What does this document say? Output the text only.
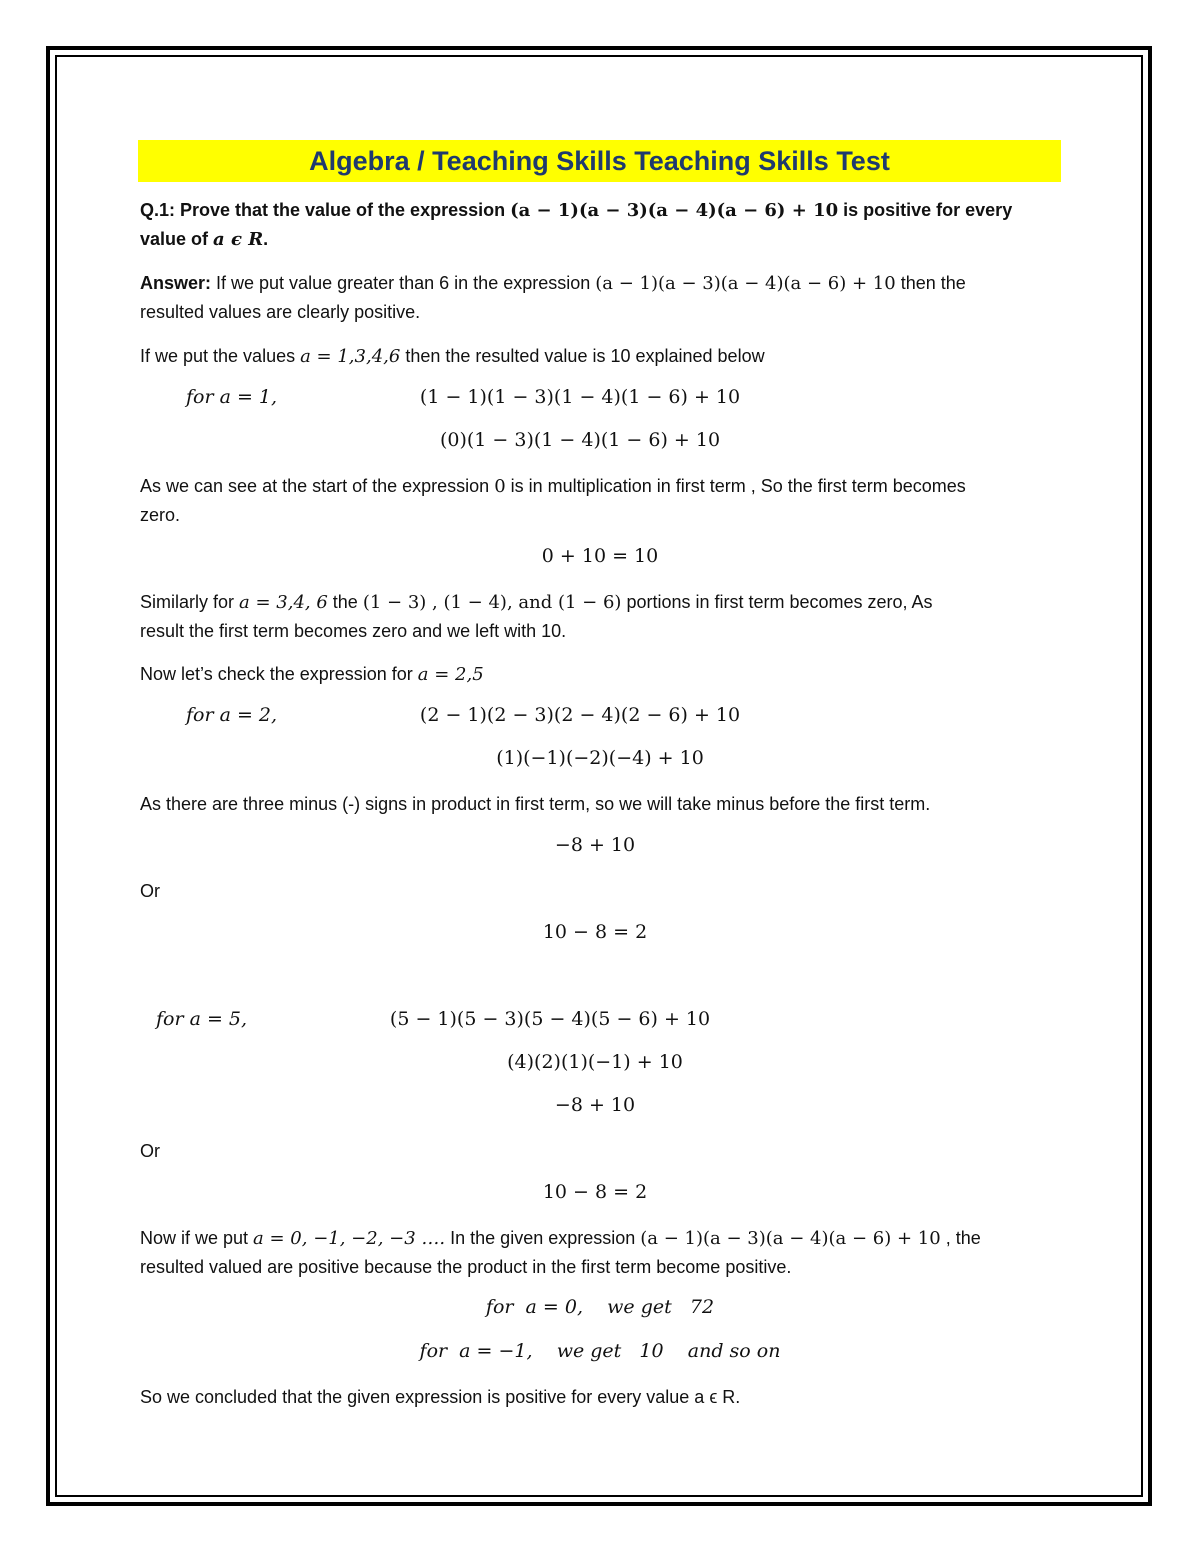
Algebra / Teaching Skills Teaching Skills Test
Q.1: Prove that the value of the expression (a − 1)(a − 3)(a − 4)(a − 6) + 10 is positive for every
value of a ϵ R.
Answer: If we put value greater than 6 in the expression (a − 1)(a − 3)(a − 4)(a − 6) + 10 then the
resulted values are clearly positive.
If we put the values a = 1,3,4,6 then the resulted value is 10 explained below
for a = 1,	(1 − 1)(1 − 3)(1 − 4)(1 − 6) + 10
(0)(1 − 3)(1 − 4)(1 − 6) + 10
As we can see at the start of the expression 0 is in multiplication in first term , So the first term becomes
zero.
0 + 10 = 10
Similarly for a = 3,4, 6 the (1 − 3) , (1 − 4), and (1 − 6) portions in first term becomes zero, As
result the first term becomes zero and we left with 10.
Now let’s check the expression for a = 2,5
for a = 2,	(2 − 1)(2 − 3)(2 − 4)(2 − 6) + 10
(1)(−1)(−2)(−4) + 10
As there are three minus (-) signs in product in first term, so we will take minus before the first term.
−8 + 10
Or
10 − 8 = 2
for a = 5,	(5 − 1)(5 − 3)(5 − 4)(5 − 6) + 10
(4)(2)(1)(−1) + 10
−8 + 10
Or
10 − 8 = 2
Now if we put a = 0, −1, −2, −3 …. In the given expression (a − 1)(a − 3)(a − 4)(a − 6) + 10 , the
resulted valued are positive because the product in the first term become positive.
for  a = 0,    we get   72
for  a = −1,    we get   10    and so on
So we concluded that the given expression is positive for every value a ϵ R.
